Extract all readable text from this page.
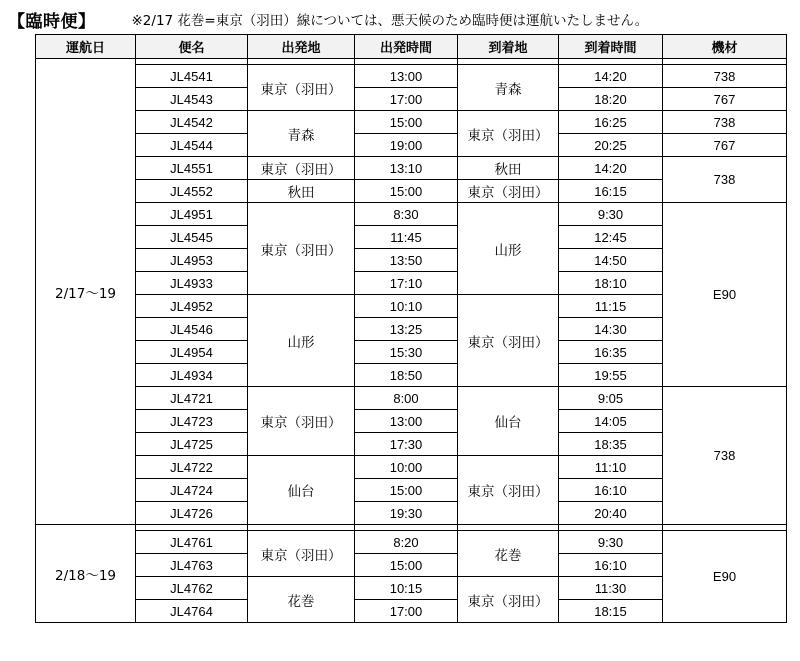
【臨時便】	※2/17 花巻=東京（羽田）線については、悪天候のため臨時便は運航いたしません。
運航日	便名	出発地	出発時間	到着地	到着時間	機材
2/17〜19						
	JL4541	東京（羽田）	13:00	青森	14:20	738
	JL4543		17:00		18:20	767
	JL4542	青森	15:00	東京（羽田）	16:25	738
	JL4544		19:00		20:25	767
	JL4551	東京（羽田）	13:10	秋田	14:20	738
	JL4552	秋田	15:00	東京（羽田）	16:15	
	JL4951	東京（羽田）	8:30	山形	9:30	E90
	JL4545		11:45		12:45	
	JL4953		13:50		14:50	
	JL4933		17:10		18:10	
	JL4952	山形	10:10	東京（羽田）	11:15	
	JL4546		13:25		14:30	
	JL4954		15:30		16:35	
	JL4934		18:50		19:55	
	JL4721	東京（羽田）	8:00	仙台	9:05	738
	JL4723		13:00		14:05	
	JL4725		17:30		18:35	
	JL4722	仙台	10:00	東京（羽田）	11:10	
	JL4724		15:00		16:10	
	JL4726		19:30		20:40	
2/18〜19						
	JL4761	東京（羽田）	8:20	花巻	9:30	E90
	JL4763		15:00		16:10	
	JL4762	花巻	10:15	東京（羽田）	11:30	
	JL4764		17:00		18:15	
